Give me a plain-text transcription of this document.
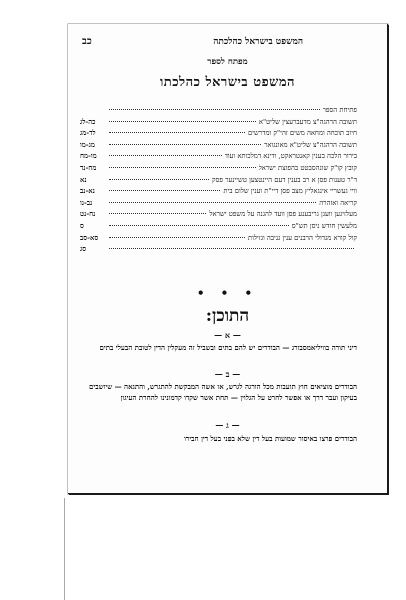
המשפט בישראל כהלכתה
כב
מפתח לספר
המשפט בישראל כהלכתו
פתיחת הספר
תשובה הרהגה"צ מדעברעצין שליט"א
כה-לג
חיוב תוכחה ומחאה משים זהי"ק ומדרשים
לד-מג
תשובה הרהגה"צ שליט"א מאונגואר
מג-מו
בירור הלכה בענין קאנטראקט, ודינא דמלכותא ועוד
מו-מח
קובץ קו"ק שונהסבטט בהפוצת ישראל
מח-נד
ד"ר טענות פסן א רב בענין דעם היינטצען טשיינער פסק
נא
וויי געשריי אינגאליץ מצב פסן דיי"ת וענין שלום בית
נא-נב
קריאה ואזהרה
נב-נו
מעלזיגען וועגן גריבענע פסן וועד להגנה על משפט ישראל
נח-נט
מלעשין חודש ניסן תש"ס
ס
קול קורא מגדולי הרבנים ענין גניבה וגזילות
סא-סב
סג
• • •
התוכן:
— א —
דיני תורה בוויליאמסבורג — הבודרים יש להם בתים ובשביל זה מעקלין הדין לטובת הבעלי בתים
— ב —
הבודרים מוציאים חוץ תועבות מכל הורגה לגרש, או אשה המבקשת להתגרש, והתגאה — שיושבים בעיקון ועבר דרך או אפשר לחרט על הגלוין — תחת אשר שקדו קדמונינו להחרת העיגון
— ג —
הבודרים פרצו באיסור שמועות בעל דין שלא בפני בעל דין חבירו
